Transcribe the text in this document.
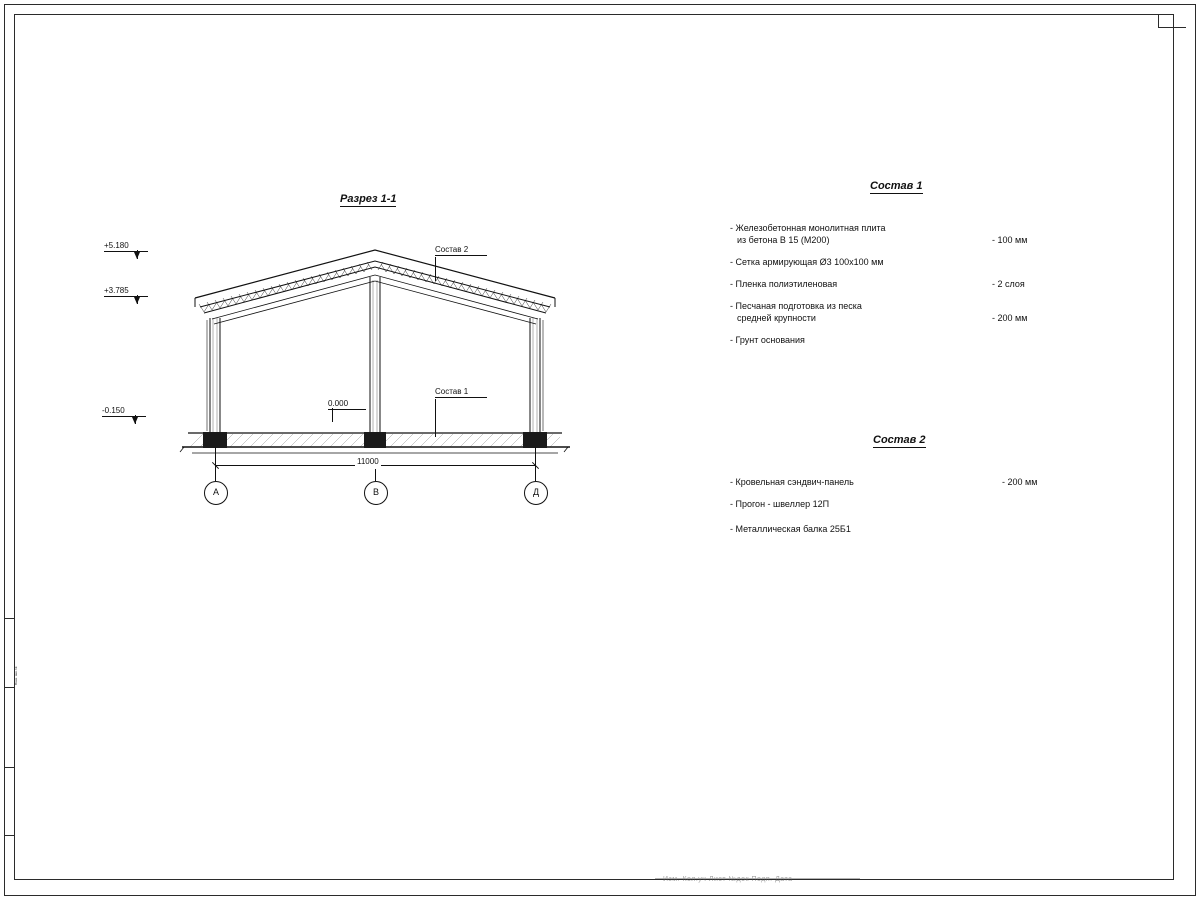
Взам. инв. №
Изм. Кол.уч Лист №док Подп. Дата
Разрез 1-1
+5.180
+3.785
-0.150
0.000
Состав 2
Состав 1
11000
А	В	Д
Состав 1
- Железобетонная монолитная плита
из бетона В 15 (М200)	- 100 мм
- Сетка армирующая Ø3 100х100 мм
- Пленка полиэтиленовая	- 2 слоя
- Песчаная подготовка из песка
средней крупности	- 200 мм
- Грунт основания
Состав 2
- Кровельная сэндвич-панель	- 200 мм
- Прогон - швеллер 12П
- Металлическая балка 25Б1
